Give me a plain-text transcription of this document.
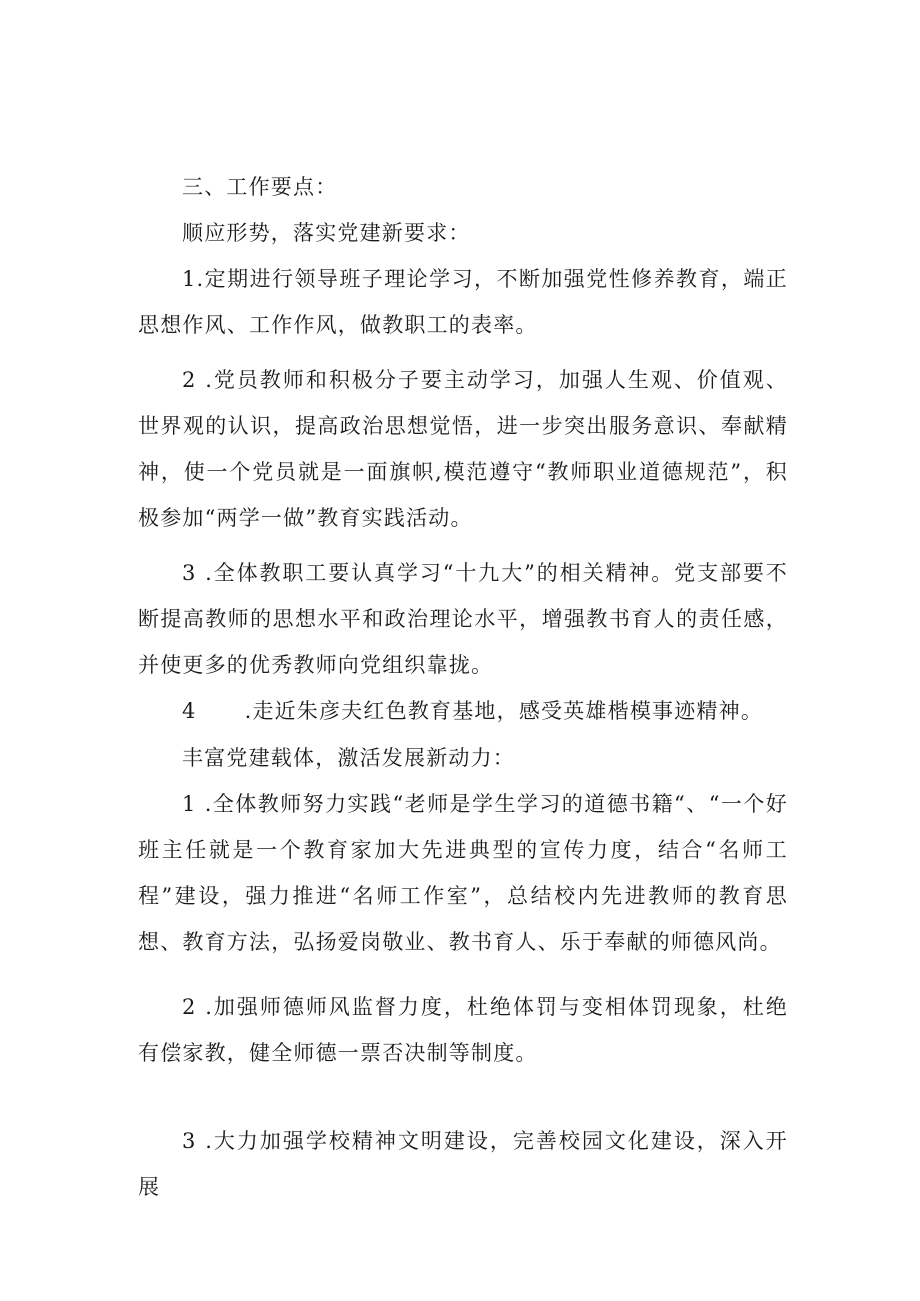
三、工作要点：
顺应形势，落实党建新要求：
1.定期进行领导班子理论学习，不断加强党性修养教育，端正思想作风、工作作风，做教职工的表率。
2 .党员教师和积极分子要主动学习，加强人生观、价值观、世界观的认识，提高政治思想觉悟，进一步突出服务意识、奉献精神，使一个党员就是一面旗帜,模范遵守“教师职业道德规范”，积极参加“两学一做”教育实践活动。
3 .全体教职工要认真学习“十九大”的相关精神。党支部要不断提高教师的思想水平和政治理论水平，增强教书育人的责任感，并使更多的优秀教师向党组织靠拢。
4 .走近朱彦夫红色教育基地，感受英雄楷模事迹精神。
丰富党建载体，激活发展新动力：
1 .全体教师努力实践“老师是学生学习的道德书籍“、“一个好班主任就是一个教育家加大先进典型的宣传力度，结合“名师工程”建设，强力推进“名师工作室”，总结校内先进教师的教育思想、教育方法，弘扬爱岗敬业、教书育人、乐于奉献的师德风尚。
2 .加强师德师风监督力度，杜绝体罚与变相体罚现象，杜绝有偿家教，健全师德一票否决制等制度。
3 .大力加强学校精神文明建设，完善校园文化建设，深入开展
